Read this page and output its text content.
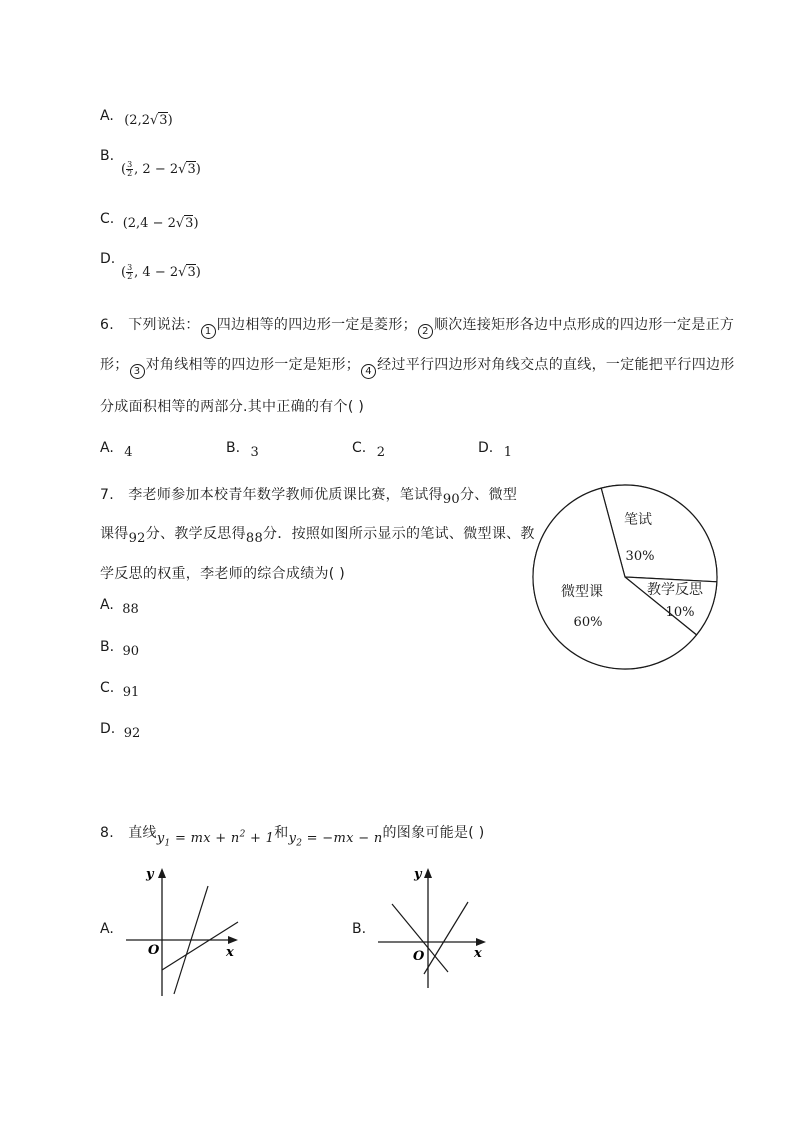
A. (2,2√3)
B.
( $\frac{3}{2}$ , 2 − 2√3)
C. (2,4 − 2√3)
D.
( $\frac{3}{2}$ , 4 − 2√3)
6. 下列说法： 1 四边相等的四边形一定是菱形； 2 顺次连接矩形各边中点形成的四边形一定是正方
形； 3 对角线相等的四边形一定是矩形； 4 经过平行四边形对角线交点的直线，一定能把平行四边形
分成面积相等的两部分.其中正确的有个( )
A. 4	B. 3	C. 2	D. 1
7. 李老师参加本校青年数学教师优质课比赛，笔试得90分、微型
课得92分、教学反思得88分．按照如图所示显示的笔试、微型课、教
学反思的权重，李老师的综合成绩为( )
A. 88
B. 90
C. 91
D. 92
笔试
30%
教学反思
10%
微型课
60%
8. 直线$y_1$ = mx + $n^2 + 1$和$y_2 = -mx - n$的图象可能是( )
A.
x
y
O
B.
x
y
O
